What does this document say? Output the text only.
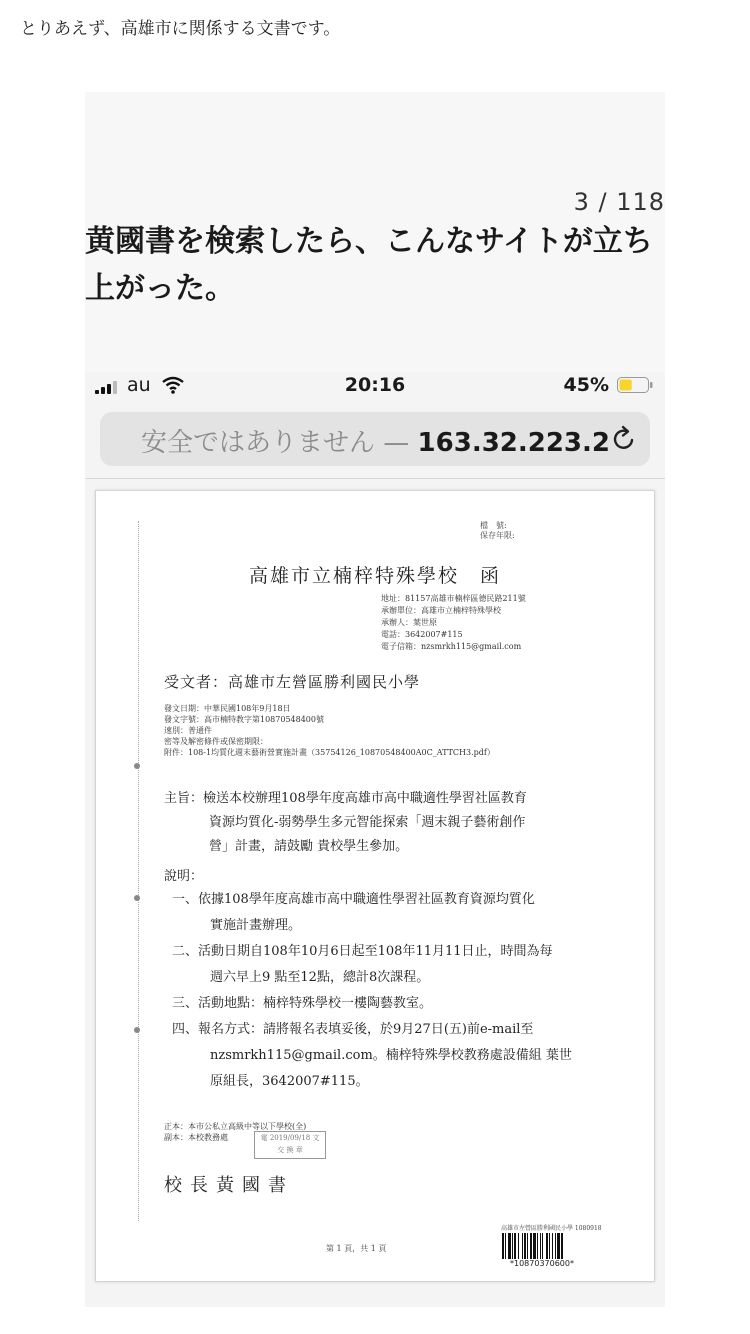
とりあえず、高雄市に関係する文書です。
3 / 118
黄國書を検索したら、こんなサイトが立ち
上がった。
au	20:16	45%
安全ではありません — 163.32.223.2
檔　號:
保存年限:
高雄市立楠梓特殊學校　函
地址：81157高雄市楠梓區德民路211號
承辦單位：高雄市立楠梓特殊學校
承辦人：葉世原
電話：3642007#115
電子信箱：nzsmrkh115@gmail.com
受文者：高雄市左營區勝利國民小學
發文日期：中華民國108年9月18日
發文字號：高市楠特教字第10870548400號
速別：普通件
密等及解密條件或保密期限：
附件：108-1均質化週末藝術營實施計畫（35754126_10870548400A0C_ATTCH3.pdf）
主旨：檢送本校辦理108學年度高雄市高中職適性學習社區教育
資源均質化-弱勢學生多元智能探索「週末親子藝術創作
營」計畫，請鼓勵 貴校學生參加。
說明：
一、依據108學年度高雄市高中職適性學習社區教育資源均質化
實施計畫辦理。
二、活動日期自108年10月6日起至108年11月11日止，時間為每
週六早上9 點至12點，總計8次課程。
三、活動地點：楠梓特殊學校一樓陶藝教室。
四、報名方式：請將報名表填妥後，於9月27日(五)前e-mail至
nzsmrkh115@gmail.com。楠梓特殊學校教務處設備組 葉世
原組長，3642007#115。
正本：本市公私立高級中等以下學校(全)
副本：本校教務處	電 2019/09/18 文
交 換 章
校長黃國書
第 1 頁，共 1 頁
高雄市左營區勝利國民小學 1080918
*10870370600*
